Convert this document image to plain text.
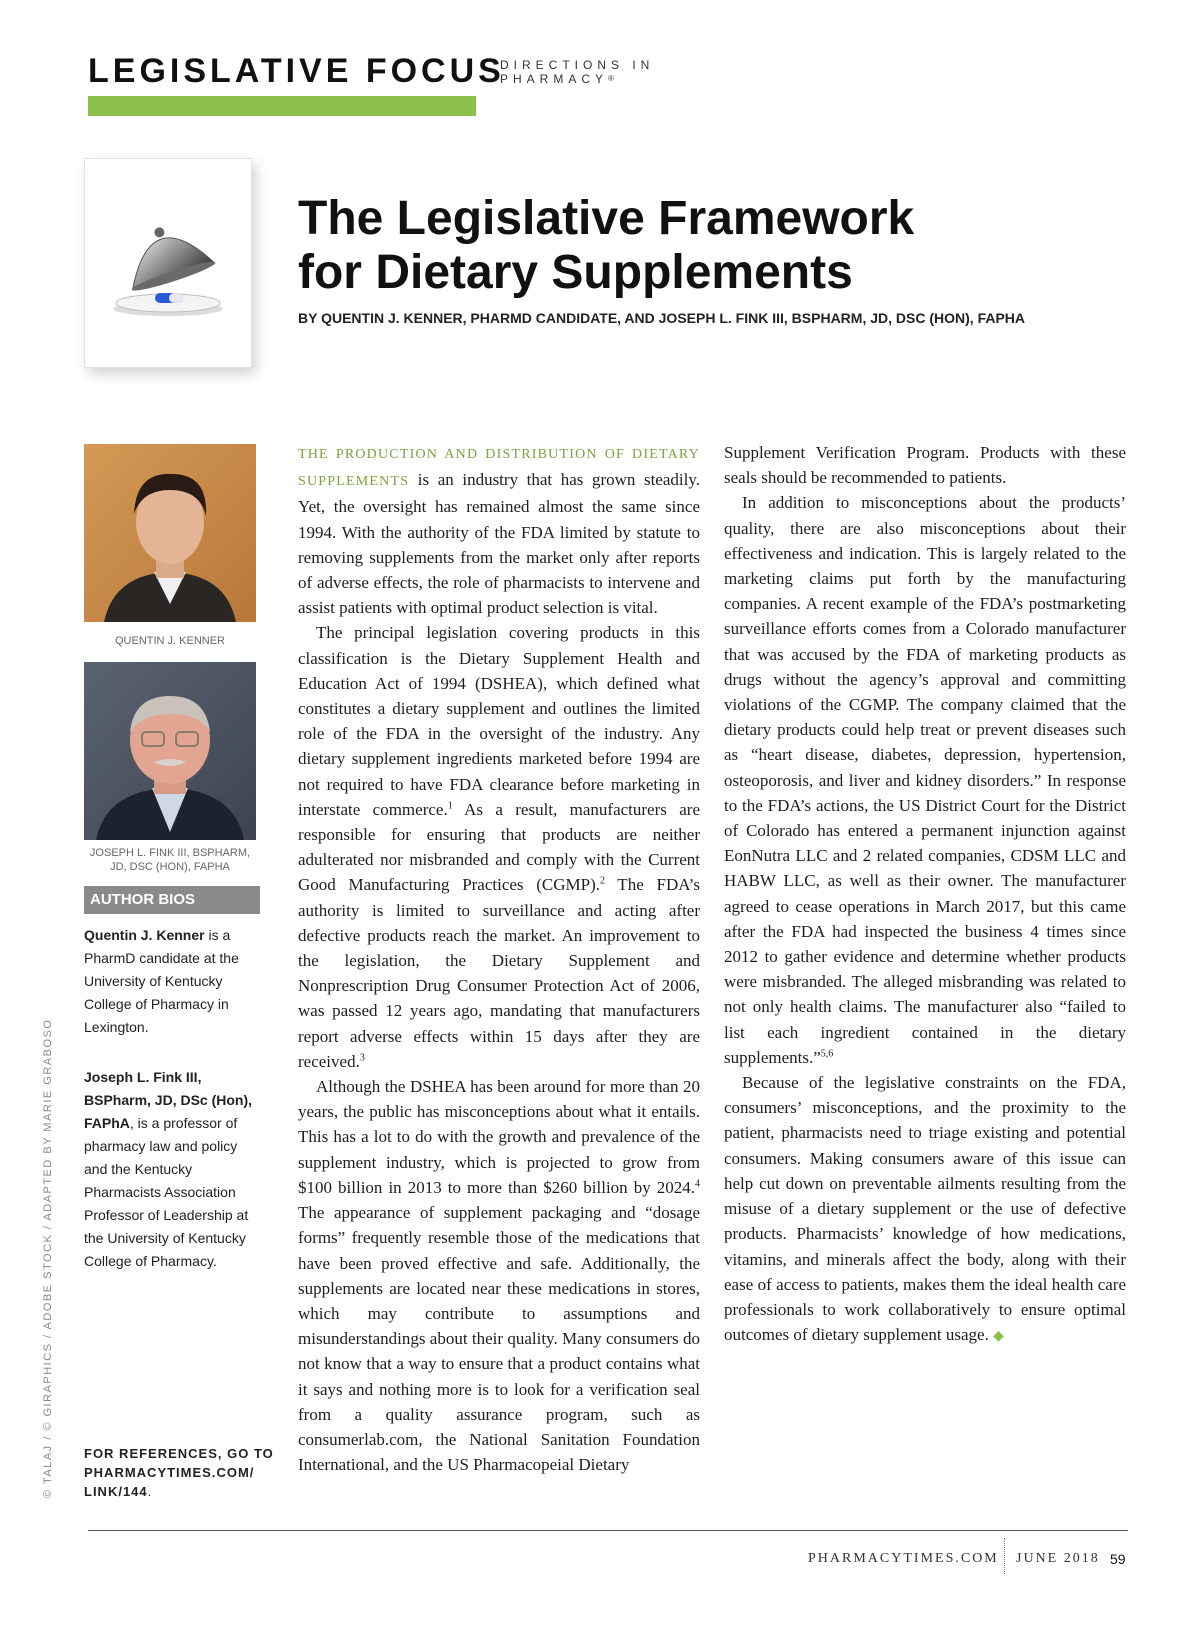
LEGISLATIVE FOCUS
DIRECTIONS IN
PHARMACY®
The Legislative Framework
for Dietary Supplements
BY QUENTIN J. KENNER, PHARMD CANDIDATE, AND JOSEPH L. FINK III, BSPHARM, JD, DSC (HON), FAPHA
QUENTIN J. KENNER
JOSEPH L. FINK III, BSPHARM, JD, DSC (HON), FAPHA
AUTHOR BIOS
Quentin J. Kenner is a PharmD candidate at the University of Kentucky College of Pharmacy in Lexington.
Joseph L. Fink III, BSPharm, JD, DSc (Hon), FAPhA, is a professor of pharmacy law and policy and the Kentucky Pharmacists Association Professor of Leadership at the University of Kentucky College of Pharmacy.
© TALAJ / © GIRAPHICS / ADOBE STOCK / ADAPTED BY MARIE GRABOSO FOR REFERENCES, GO TO
PHARMACYTIMES.COM/
LINK/144.

THE PRODUCTION AND DISTRIBUTION OF DIETARY SUPPLEMENTS is an industry that has grown steadily. Yet, the oversight has remained almost the same since 1994. With the authority of the FDA limited by statute to removing supplements from the market only after reports of adverse effects, the role of pharmacists to intervene and assist patients with optimal product selection is vital.

The principal legislation covering products in this classification is the Dietary Supplement Health and Education Act of 1994 (DSHEA), which defined what constitutes a dietary supplement and outlines the limited role of the FDA in the oversight of the industry. Any dietary supplement ingredients marketed before 1994 are not required to have FDA clearance before marketing in interstate commerce.$^1$ As a result, manufacturers are responsible for ensuring that products are neither adulterated nor misbranded and comply with the Current Good Manufacturing Practices (CGMP).$^2$ The FDA’s authority is limited to surveillance and acting after defective products reach the market. An improvement to the legislation, the Dietary Supplement and Nonprescription Drug Consumer Protection Act of 2006, was passed 12 years ago, mandating that manufacturers report adverse effects within 15 days after they are received.$^3$

Although the DSHEA has been around for more than 20 years, the public has misconceptions about what it entails. This has a lot to do with the growth and prevalence of the supplement industry, which is projected to grow from $100 billion in 2013 to more than $260 billion by 2024.$^4$ The appearance of supplement packaging and “dosage forms” frequently resemble those of the medications that have been proved effective and safe. Additionally, the supplements are located near these medications in stores, which may contribute to assumptions and misunderstandings about their quality. Many consumers do not know that a way to ensure that a product contains what it says and nothing more is to look for a verification seal from a quality assurance program, such as consumerlab.com, the National Sanitation Foundation International, and the US Pharmacopeial Dietary

Supplement Verification Program. Products with these seals should be recommended to patients.

In addition to misconceptions about the products’ quality, there are also misconceptions about their effectiveness and indication. This is largely related to the marketing claims put forth by the manufacturing companies. A recent example of the FDA’s postmarketing surveillance efforts comes from a Colorado manufacturer that was accused by the FDA of marketing products as drugs without the agency’s approval and committing violations of the CGMP. The company claimed that the dietary products could help treat or prevent diseases such as “heart disease, diabetes, depression, hypertension, osteoporosis, and liver and kidney disorders.” In response to the FDA’s actions, the US District Court for the District of Colorado has entered a permanent injunction against EonNutra LLC and 2 related companies, CDSM LLC and HABW LLC, as well as their owner. The manufacturer agreed to cease operations in March 2017, but this came after the FDA had inspected the business 4 times since 2012 to gather evidence and determine whether products were misbranded. The alleged misbranding was related to not only health claims. The manufacturer also “failed to list each ingredient contained in the dietary supplements.”$^{5,6}$

Because of the legislative constraints on the FDA, consumers’ misconceptions, and the proximity to the patient, pharmacists need to triage existing and potential consumers. Making consumers aware of this issue can help cut down on preventable ailments resulting from the misuse of a dietary supplement or the use of defective products. Pharmacists’ knowledge of how medications, vitamins, and minerals affect the body, along with their ease of access to patients, makes them the ideal health care professionals to work collaboratively to ensure optimal outcomes of dietary supplement usage. ◆

PHARMACYTIMES.COM JUNE 2018 59
